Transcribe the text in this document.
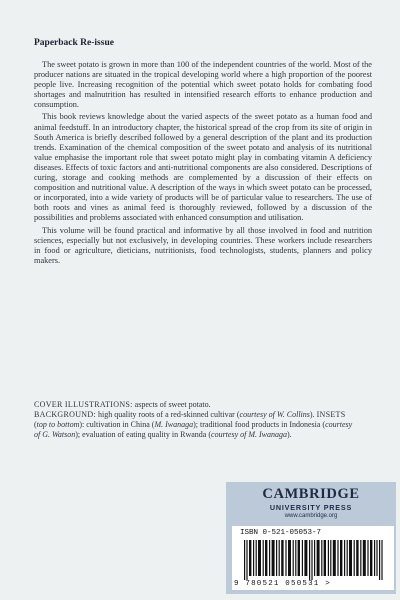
Paperback Re-issue

The sweet potato is grown in more than 100 of the independent countries of the world. Most of the producer nations are situated in the tropical developing world where a high proportion of the poorest people live. Increasing recognition of the potential which sweet potato holds for combating food shortages and malnutrition has resulted in intensified research efforts to enhance production and consumption.

This book reviews knowledge about the varied aspects of the sweet potato as a human food and animal feedstuff. In an introductory chapter, the historical spread of the crop from its site of origin in South America is briefly described followed by a general description of the plant and its production trends. Examination of the chemical composition of the sweet potato and analysis of its nutritional value emphasise the important role that sweet potato might play in combating vitamin A deficiency diseases. Effects of toxic factors and anti-nutritional components are also considered. Descriptions of curing, storage and cooking methods are complemented by a discussion of their effects on composition and nutritional value. A description of the ways in which sweet potato can be processed, or incorporated, into a wide variety of products will be of particular value to researchers. The use of both roots and vines as animal feed is thoroughly reviewed, followed by a discussion of the possibilities and problems associated with enhanced consumption and utilisation.

This volume will be found practical and informative by all those involved in food and nutrition sciences, especially but not exclusively, in developing countries. These workers include researchers in food or agriculture, dieticians, nutritionists, food technologists, students, planners and policy makers.

COVER ILLUSTRATIONS: aspects of sweet potato.
BACKGROUND: high quality roots of a red-skinned cultivar (courtesy of W. Collins). INSETS (top to bottom): cultivation in China (M. Iwanaga); traditional food products in Indonesia (courtesy of G. Watson); evaluation of eating quality in Rwanda (courtesy of M. Iwanaga).
CAMBRIDGE
UNIVERSITY PRESS
www.cambridge.org
ISBN 0-521-05053-7
9 780521 050531 >
